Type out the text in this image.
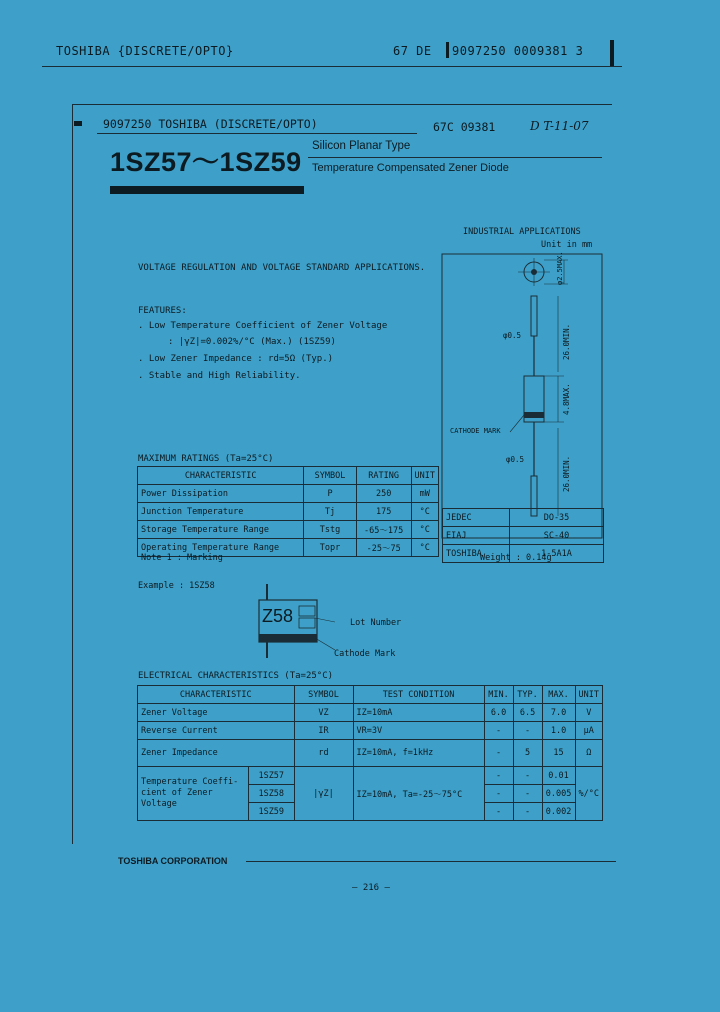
TOSHIBA {DISCRETE/OPTO}	67 DE 9097250 0009381 3
9097250 TOSHIBA (DISCRETE/OPTO)	67C 09381	D T-11-07
1SZ57～1SZ59
Silicon Planar Type
Temperature Compensated Zener Diode
VOLTAGE REGULATION AND VOLTAGE STANDARD APPLICATIONS.
FEATURES:
. Low Temperature Coefficient of Zener Voltage
: |γZ|=0.002%/°C (Max.) (1SZ59)
. Low Zener Impedance : rd=5Ω (Typ.)
. Stable and High Reliability.
INDUSTRIAL APPLICATIONS
Unit in mm
φ2.5MAX.
26.0MIN.
φ0.5
4.8MAX.
CATHODE MARK
φ0.5	26.0MIN.
JEDEC	DO-35
EIAJ	SC-40
TOSHIBA	1-5A1A
Weight : 0.14g
MAXIMUM RATINGS (Ta=25°C)
CHARACTERISTIC	SYMBOL	RATING	UNIT
Power Dissipation	P	250	mW
Junction Temperature	Tj	175	°C
Storage Temperature Range	Tstg	-65～175	°C
Operating Temperature Range	Topr	-25～75	°C
Note 1 : Marking
Example : 1SZ58
Z58	Lot Number
Cathode Mark
ELECTRICAL CHARACTERISTICS (Ta=25°C)
CHARACTERISTIC		SYMBOL	TEST CONDITION	MIN.	TYP.	MAX.	UNIT
Zener Voltage		VZ	IZ=10mA	6.0	6.5	7.0	V
Reverse Current		IR	VR=3V	-	-	1.0	μA
Zener Impedance		rd	IZ=10mA, f=1kHz	-	5	15	Ω

Temperature Coeffi-
cient of Zener
Voltage	1SZ57	|γZ|	IZ=10mA, Ta=-25～75°C	-	-	0.01	%/°C
	1SZ58			-	-	0.005	
	1SZ59			-	-	0.002	
TOSHIBA CORPORATION
— 216 —
